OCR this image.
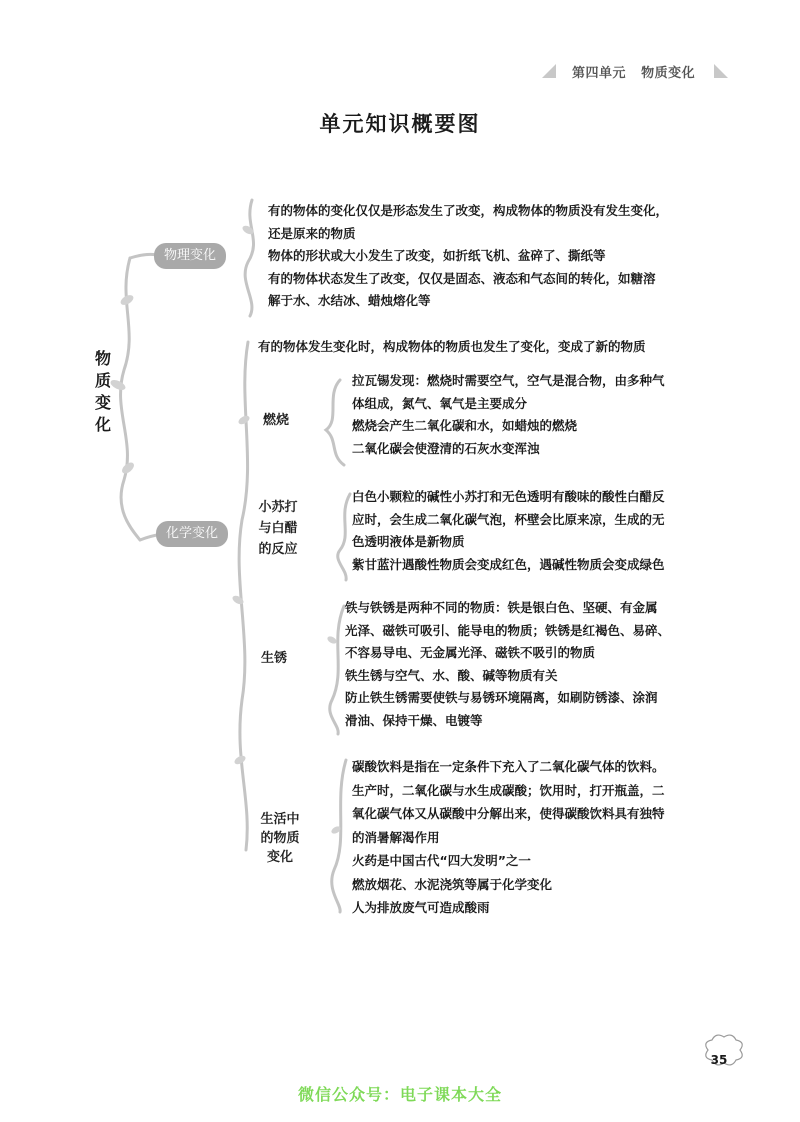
第四单元 物质变化
单元知识概要图
物
质
变
化
物理变化
有的物体的变化仅仅是形态发生了改变，构成物体的物质没有发生变化，
还是原来的物质
物体的形状或大小发生了改变，如折纸飞机、盆碎了、撕纸等
有的物体状态发生了改变，仅仅是固态、液态和气态间的转化，如糖溶
解于水、水结冰、蜡烛熔化等
化学变化
有的物体发生变化时，构成物体的物质也发生了变化，变成了新的物质
燃烧
拉瓦锡发现：燃烧时需要空气，空气是混合物，由多种气
体组成，氮气、氧气是主要成分
燃烧会产生二氧化碳和水，如蜡烛的燃烧
二氧化碳会使澄清的石灰水变浑浊
小苏打
与白醋
的反应
白色小颗粒的碱性小苏打和无色透明有酸味的酸性白醋反
应时，会生成二氧化碳气泡，杯壁会比原来凉，生成的无
色透明液体是新物质
紫甘蓝汁遇酸性物质会变成红色，遇碱性物质会变成绿色
生锈
铁与铁锈是两种不同的物质：铁是银白色、坚硬、有金属
光泽、磁铁可吸引、能导电的物质；铁锈是红褐色、易碎、
不容易导电、无金属光泽、磁铁不吸引的物质
铁生锈与空气、水、酸、碱等物质有关
防止铁生锈需要使铁与易锈环境隔离，如刷防锈漆、涂润
滑油、保持干燥、电镀等
生活中
的物质
变化
碳酸饮料是指在一定条件下充入了二氧化碳气体的饮料。
生产时，二氧化碳与水生成碳酸；饮用时，打开瓶盖，二
氧化碳气体又从碳酸中分解出来，使得碳酸饮料具有独特
的消暑解渴作用
火药是中国古代“四大发明”之一
燃放烟花、水泥浇筑等属于化学变化
人为排放废气可造成酸雨
35
微信公众号：电子课本大全
